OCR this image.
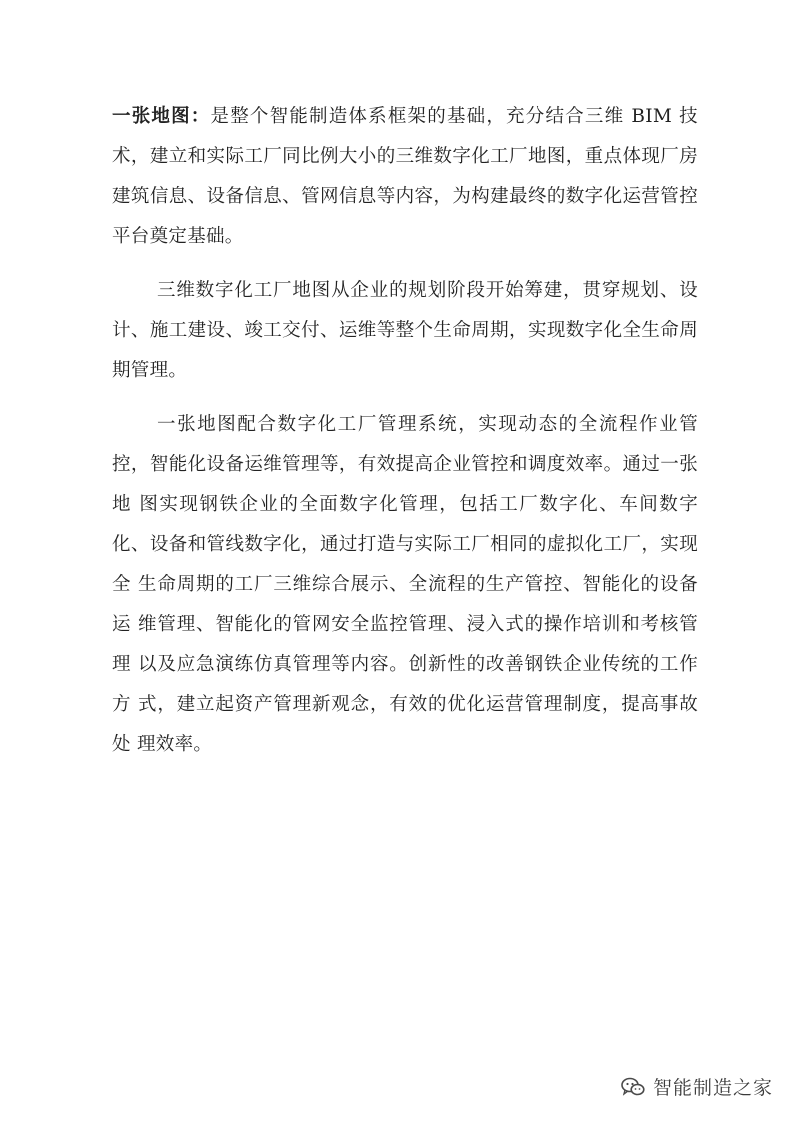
一张地图：是整个智能制造体系框架的基础，充分结合三维 BIM 技术，建立和实际工厂同比例大小的三维数字化工厂地图，重点体现厂房建筑信息、设备信息、管网信息等内容，为构建最终的数字化运营管控平台奠定基础。

三维数字化工厂地图从企业的规划阶段开始筹建，贯穿规划、设计、施工建设、竣工交付、运维等整个生命周期，实现数字化全生命周期管理。

一张地图配合数字化工厂管理系统，实现动态的全流程作业管控，智能化设备运维管理等，有效提高企业管控和调度效率。通过一张地 图实现钢铁企业的全面数字化管理，包括工厂数字化、车间数字化、设备和管线数字化，通过打造与实际工厂相同的虚拟化工厂，实现全 生命周期的工厂三维综合展示、全流程的生产管控、智能化的设备运 维管理、智能化的管网安全监控管理、浸入式的操作培训和考核管理 以及应急演练仿真管理等内容。创新性的改善钢铁企业传统的工作方 式，建立起资产管理新观念，有效的优化运营管理制度，提高事故处 理效率。

智能制造之家
